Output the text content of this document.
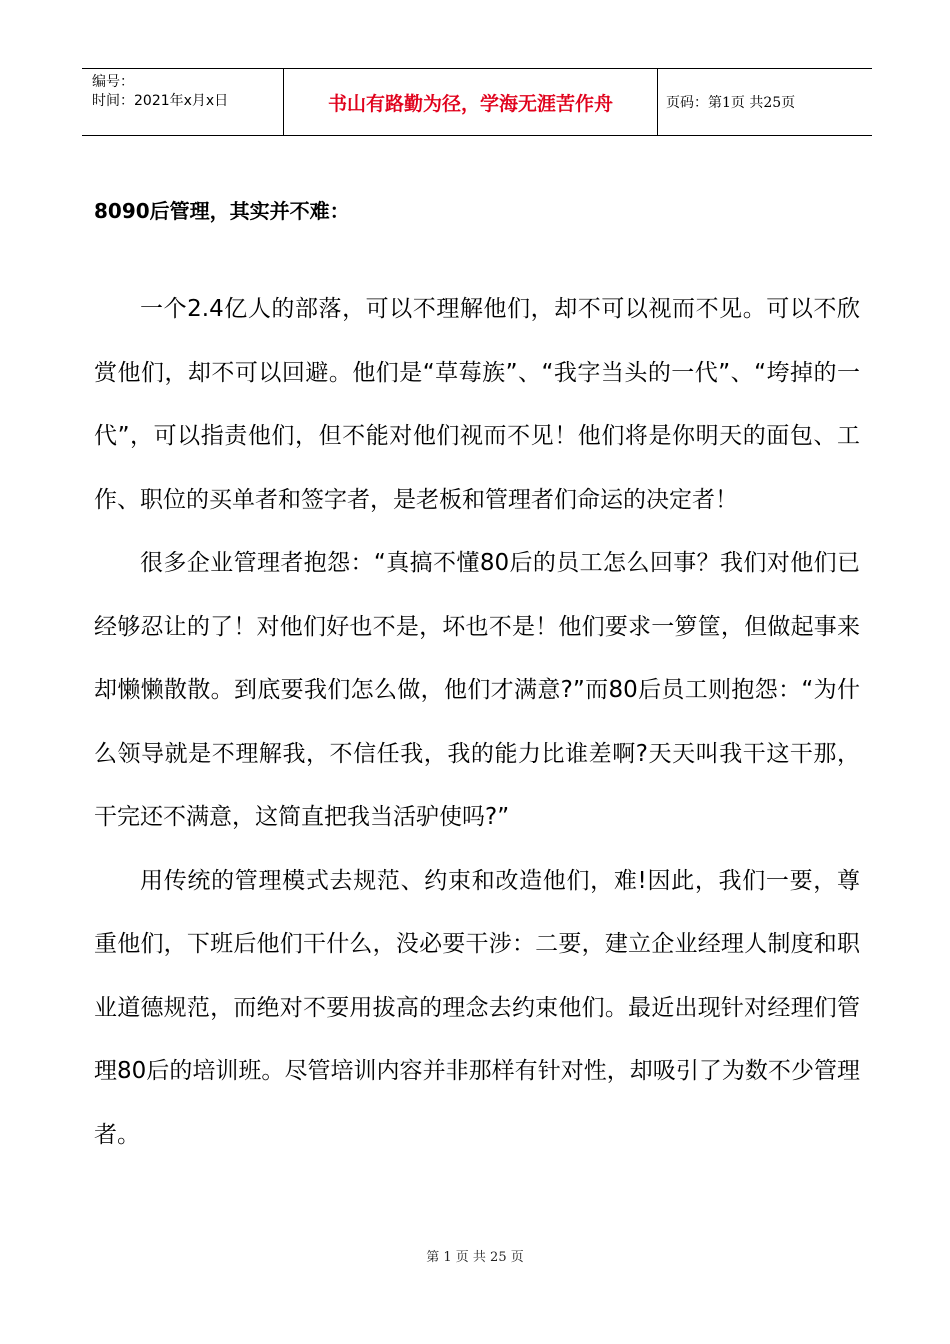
编号：
时间：2021年x月x日	书山有路勤为径，学海无涯苦作舟	页码：第1页 共25页
8090后管理，其实并不难：

一个2.4亿人的部落，可以不理解他们，却不可以视而不见。可以不欣赏他们，却不可以回避。他们是“草莓族”、“我字当头的一代”、“垮掉的一代”，可以指责他们，但不能对他们视而不见！他们将是你明天的面包、工作、职位的买单者和签字者，是老板和管理者们命运的决定者！

很多企业管理者抱怨：“真搞不懂80后的员工怎么回事？我们对他们已经够忍让的了！对他们好也不是，坏也不是！他们要求一箩筐，但做起事来却懒懒散散。到底要我们怎么做，他们才满意?”而80后员工则抱怨：“为什么领导就是不理解我，不信任我，我的能力比谁差啊?天天叫我干这干那，干完还不满意，这简直把我当活驴使吗?”

用传统的管理模式去规范、约束和改造他们，难!因此，我们一要，尊重他们，下班后他们干什么，没必要干涉：二要，建立企业经理人制度和职业道德规范，而绝对不要用拔高的理念去约束他们。最近出现针对经理们管理80后的培训班。尽管培训内容并非那样有针对性，却吸引了为数不少管理者。

第 1 页 共 25 页
